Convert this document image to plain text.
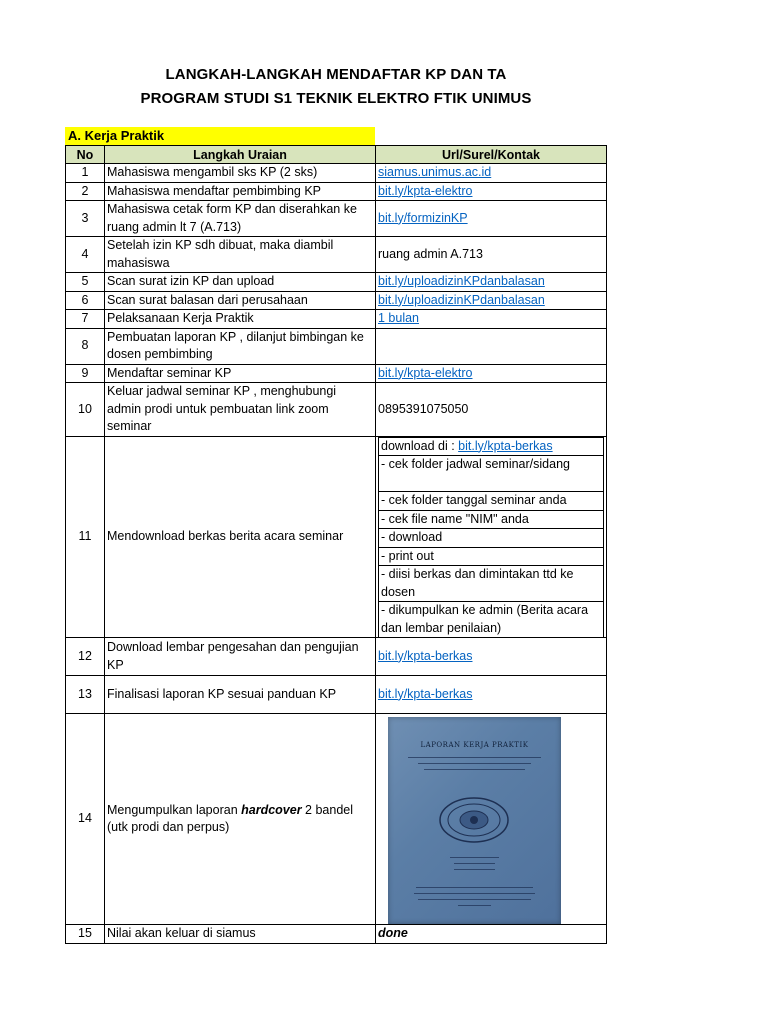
LANGKAH-LANGKAH MENDAFTAR KP DAN TA
PROGRAM STUDI S1 TEKNIK ELEKTRO FTIK UNIMUS
A. Kerja Praktik
No	Langkah Uraian	Url/Surel/Kontak
1	Mahasiswa mengambil sks KP (2 sks)	siamus.unimus.ac.id
2	Mahasiswa mendaftar pembimbing KP	bit.ly/kpta-elektro
3	Mahasiswa cetak form KP dan diserahkan ke ruang admin lt 7 (A.713)	bit.ly/formizinKP
4	Setelah izin KP sdh dibuat, maka diambil mahasiswa	ruang admin A.713
5	Scan surat izin KP dan upload	bit.ly/uploadizinKPdanbalasan
6	Scan surat balasan dari perusahaan	bit.ly/uploadizinKPdanbalasan
7	Pelaksanaan Kerja Praktik	1 bulan
8	Pembuatan laporan KP , dilanjut bimbingan ke dosen pembimbing	
9	Mendaftar seminar KP	bit.ly/kpta-elektro
10	Keluar jadwal seminar KP , menghubungi admin prodi untuk pembuatan link zoom seminar	0895391075050
11	Mendownload berkas berita acara seminar	
download di : bit.ly/kpta-berkas
- cek folder jadwal seminar/sidang
- cek folder tanggal seminar anda
- cek file name "NIM" anda
- download
- print out
- diisi berkas dan dimintakan ttd ke dosen
- dikumpulkan ke admin (Berita acara dan lembar penilaian)

12	Download lembar pengesahan dan pengujian KP	bit.ly/kpta-berkas
13	Finalisasi laporan KP sesuai panduan KP	bit.ly/kpta-berkas
14	Mengumpulkan laporan hardcover 2 bandel (utk prodi dan perpus)	
LAPORAN KERJA PRAKTIK

15	Nilai akan keluar di siamus	done
